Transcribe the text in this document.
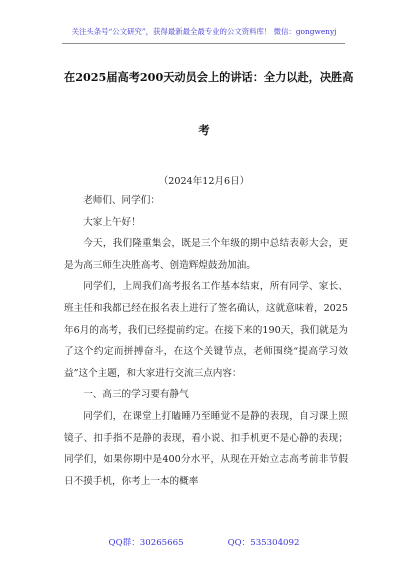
关注头条号“公文研究”，获得最新最全最专业的公文资料库！ 微信：gongwenyj
在2025届高考200天动员会上的讲话：全力以赴，决胜高
考
（2024年12月6日）

老师们、同学们：

大家上午好！

今天，我们隆重集会，既是三个年级的期中总结表彰大会，更是为高三师生决胜高考、创造辉煌鼓劲加油。

同学们，上周我们高考报名工作基本结束，所有同学、家长、班主任和我都已经在报名表上进行了签名确认，这就意味着，2025年6月的高考，我们已经提前约定。在接下来的190天，我们就是为了这个约定而拼搏奋斗，在这个关键节点，老师围绕“提高学习效益”这个主题，和大家进行交流三点内容：

一、高三的学习要有静气

同学们，在课堂上打瞌睡乃至睡觉不是静的表现，自习课上照镜子、扣手指不是静的表现，看小说、扣手机更不是心静的表现；同学们，如果你期中是400分水平，从现在开始立志高考前非节假日不摸手机，你考上一本的概率

QQ群：30265665	QQ：535304092
